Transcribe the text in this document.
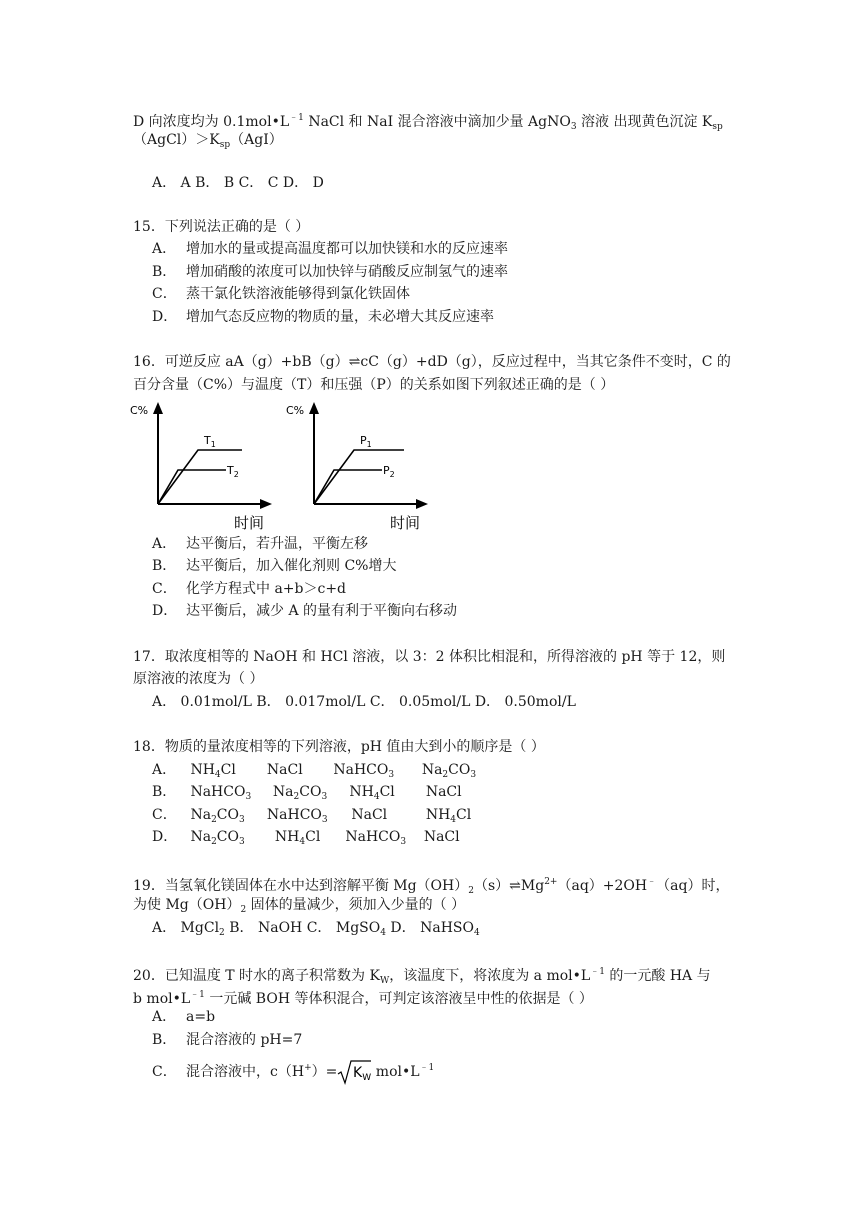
D 向浓度均为 $0.1mol•L^{﹣1}$ NaCl 和 NaI 混合溶液中滴加少量 AgNO$_3$ 溶液 出现黄色沉淀 $K_{sp}$
$(AgCl)>K_{sp}(AgI)$
A． A B． B C． C D． D
15．下列说法正确的是（ ）
A． 增加水的量或提高温度都可以加快镁和水的反应速率
B． 增加硝酸的浓度可以加快锌与硝酸反应制氢气的速率
C． 蒸干氯化铁溶液能够得到氯化铁固体
D． 增加气态反应物的物质的量，未必增大其反应速率
16．可逆反应 aA（g）+bB（g）⇌cC（g）+dD（g），反应过程中，当其它条件不变时，C 的
百分含量（C%）与温度（T）和压强（P）的关系如图下列叙述正确的是（ ）
C%
$T_1$
$T_2$
时间
C%
$P_1$
$P_2$
时间
A． 达平衡后，若升温，平衡左移
B． 达平衡后，加入催化剂则 C%增大
C． 化学方程式中 a+b＞c+d
D． 达平衡后，减少 A 的量有利于平衡向右移动
17．取浓度相等的 NaOH 和 HCl 溶液，以 3：2 体积比相混和，所得溶液的 pH 等于 12，则
原溶液的浓度为（ ）
A． 0.01mol/L B． 0.017mol/L C． 0.05mol/L D． 0.50mol/L
18．物质的量浓度相等的下列溶液，pH 值由大到小的顺序是（ ）
A． $NH_4Cl$ NaCl NaHCO$_3$ $Na_2CO_3$
B． NaHCO$_3$ $Na_2CO_3$ $NH_4Cl$ NaCl
C． $Na_2CO_3$ NaHCO$_3$ NaCl	$NH_4Cl$
D． $Na_2CO_3$ $NH_4Cl$ NaHCO$_3$ NaCl
19．当氢氧化镁固体在水中达到溶解平衡 $Mg(OH)_2(s)\rightleftharpoons Mg^{2+}(aq)+2OH^﹣(aq)$时，
为使 $Mg(OH)_2$ 固体的量减少，须加入少量的（ ）
A． MgCl$_2$ B． NaOH C． MgSO$_4$ D． NaHSO$_4$
20．已知温度 T 时水的离子积常数为 $K_W$，该温度下，将浓度为 a $mol•L^{﹣1}$ 的一元酸 HA 与
b $mol•L^{﹣1}$ 一元碱 BOH 等体积混合，可判定该溶液呈中性的依据是（ ）
A． a=b
B． 混合溶液的 pH=7
C． 混合溶液中，$c(H^+)= K_W$ $mol•L^{﹣1}$
